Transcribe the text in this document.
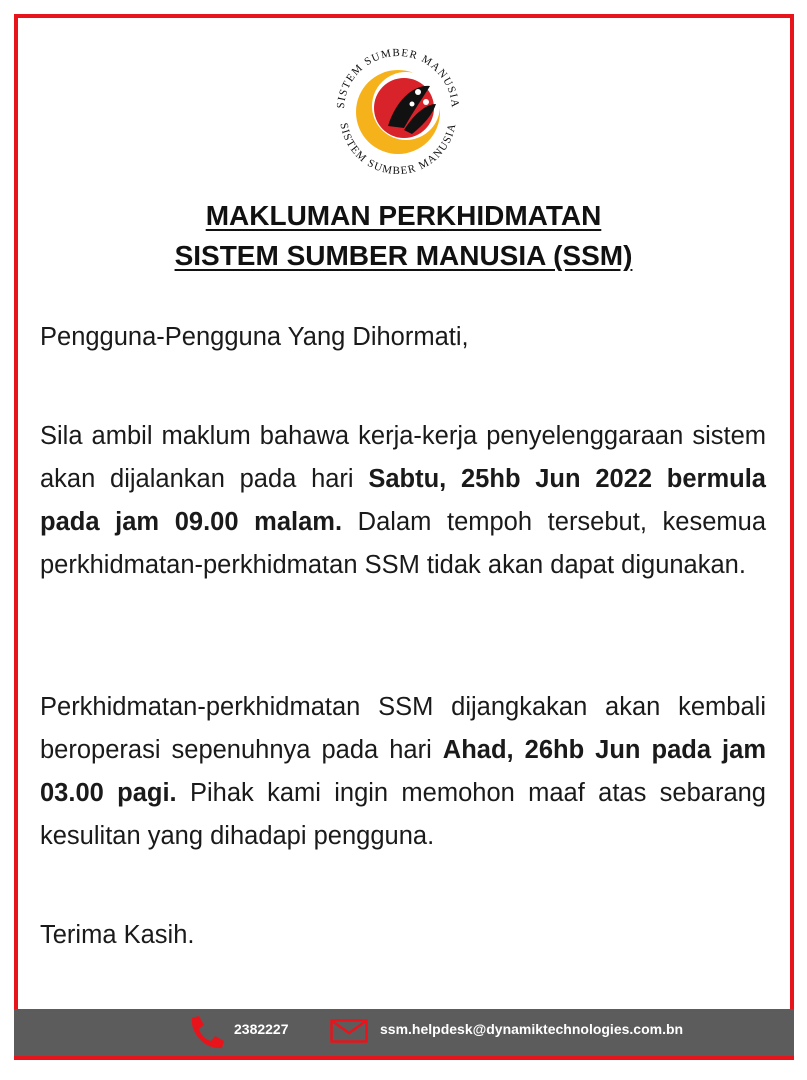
SISTEM SUMBER MANUSIA
SISTEM SUMBER MANUSIA
MAKLUMAN PERKHIDMATAN
SISTEM SUMBER MANUSIA (SSM)
Pengguna-Pengguna Yang Dihormati,
Sila ambil maklum bahawa kerja-kerja penyelenggaraan sistem akan dijalankan pada hari Sabtu, 25hb Jun 2022 bermula pada jam 09.00 malam. Dalam tempoh tersebut, kesemua perkhidmatan-perkhidmatan SSM tidak akan dapat digunakan.
Perkhidmatan-perkhidmatan SSM dijangkakan akan kembali beroperasi sepenuhnya pada hari Ahad, 26hb Jun pada jam 03.00 pagi. Pihak kami ingin memohon maaf atas sebarang kesulitan yang dihadapi pengguna.
Terima Kasih.
2382227	ssm.helpdesk@dynamiktechnologies.com.bn
